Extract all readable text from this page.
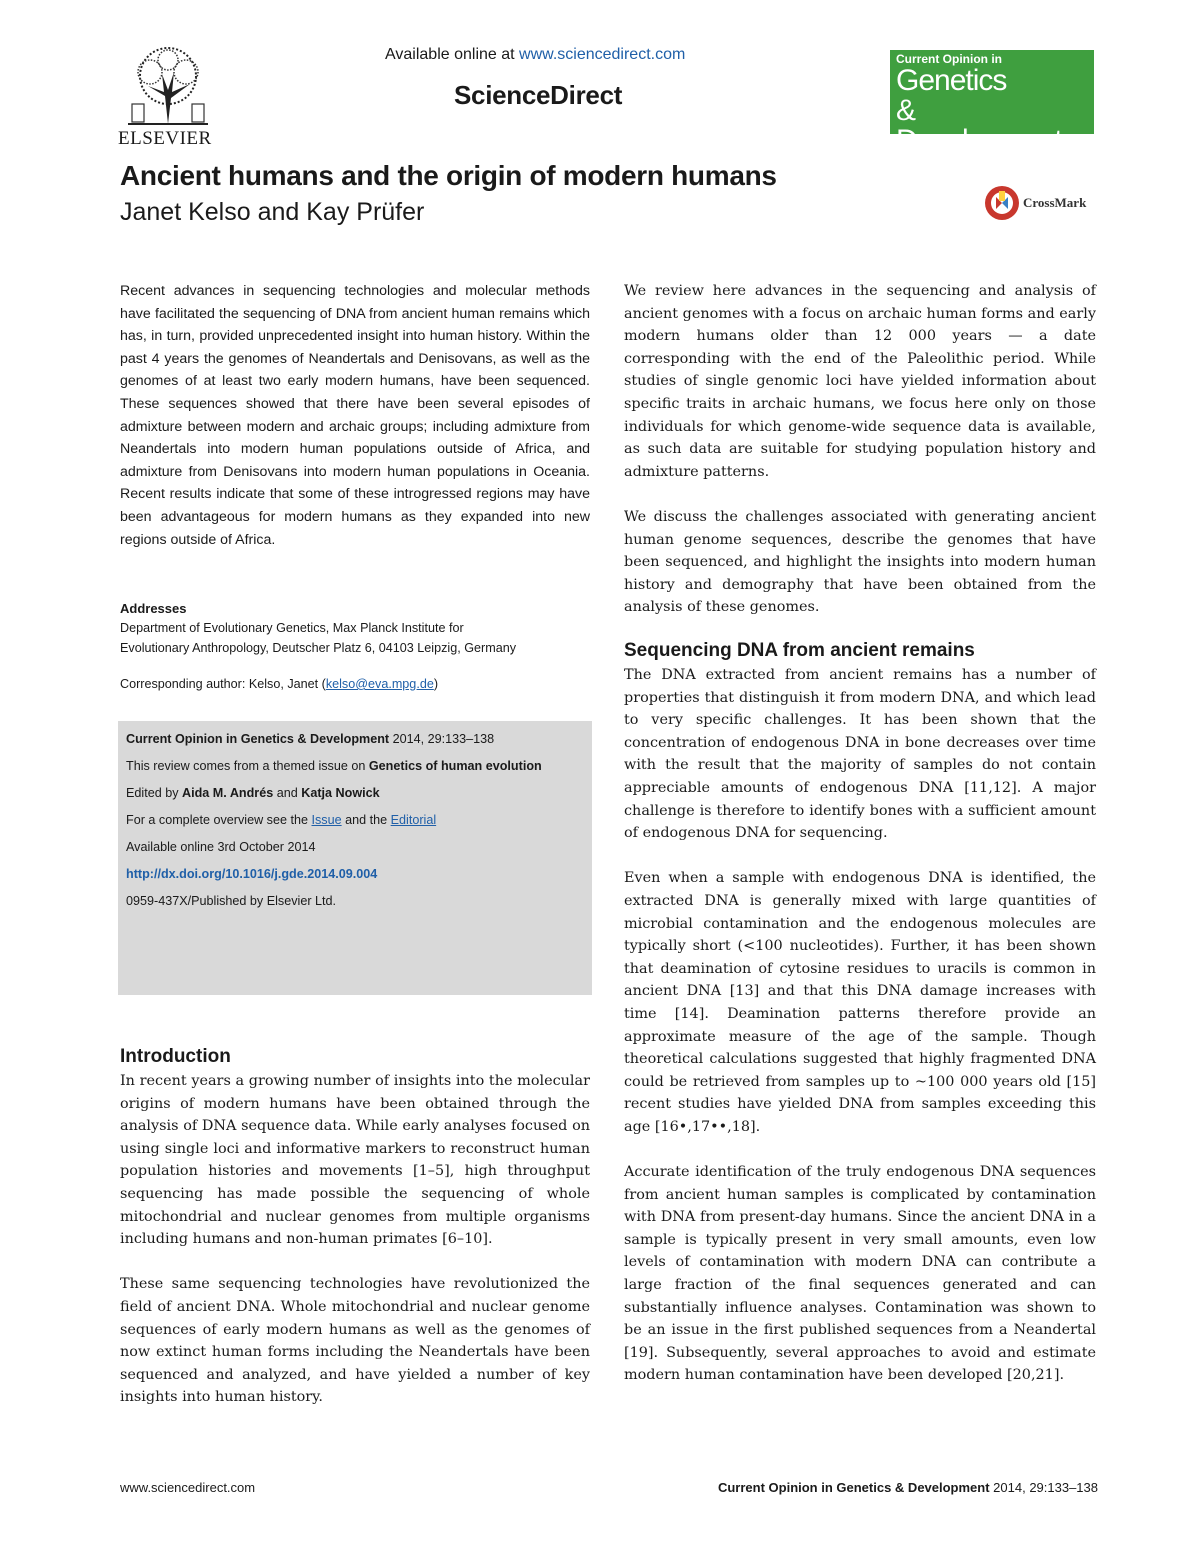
ELSEVIER
Available online at www.sciencedirect.com
ScienceDirect
Current Opinion in
Genetics
& Development
Ancient humans and the origin of modern humans
Janet Kelso and Kay Prüfer	CrossMark
Recent advances in sequencing technologies and molecular methods have facilitated the sequencing of DNA from ancient human remains which has, in turn, provided unprecedented insight into human history. Within the past 4 years the genomes of Neandertals and Denisovans, as well as the genomes of at least two early modern humans, have been sequenced. These sequences showed that there have been several episodes of admixture between modern and archaic groups; including admixture from Neandertals into modern human populations outside of Africa, and admixture from Denisovans into modern human populations in Oceania. Recent results indicate that some of these introgressed regions may have been advantageous for modern humans as they expanded into new regions outside of Africa.
Addresses
Department of Evolutionary Genetics, Max Planck Institute for
Evolutionary Anthropology, Deutscher Platz 6, 04103 Leipzig, Germany
Corresponding author: Kelso, Janet (kelso@eva.mpg.de)

Current Opinion in Genetics & Development 2014, 29:133–138

This review comes from a themed issue on Genetics of human evolution

Edited by Aida M. Andrés and Katja Nowick

For a complete overview see the Issue and the Editorial

Available online 3rd October 2014

http://dx.doi.org/10.1016/j.gde.2014.09.004

0959-437X/Published by Elsevier Ltd.

Introduction

In recent years a growing number of insights into the molecular origins of modern humans have been obtained through the analysis of DNA sequence data. While early analyses focused on using single loci and informative markers to reconstruct human population histories and movements [1–5], high throughput sequencing has made possible the sequencing of whole mitochondrial and nuclear genomes from multiple organisms including humans and non-human primates [6–10].

These same sequencing technologies have revolutionized the field of ancient DNA. Whole mitochondrial and nuclear genome sequences of early modern humans as well as the genomes of now extinct human forms including the Neandertals have been sequenced and analyzed, and have yielded a number of key insights into human history.

We review here advances in the sequencing and analysis of ancient genomes with a focus on archaic human forms and early modern humans older than 12 000 years — a date corresponding with the end of the Paleolithic period. While studies of single genomic loci have yielded information about specific traits in archaic humans, we focus here only on those individuals for which genome-wide sequence data is available, as such data are suitable for studying population history and admixture patterns.

We discuss the challenges associated with generating ancient human genome sequences, describe the genomes that have been sequenced, and highlight the insights into modern human history and demography that have been obtained from the analysis of these genomes.

Sequencing DNA from ancient remains

The DNA extracted from ancient remains has a number of properties that distinguish it from modern DNA, and which lead to very specific challenges. It has been shown that the concentration of endogenous DNA in bone decreases over time with the result that the majority of samples do not contain appreciable amounts of endogenous DNA [11,12]. A major challenge is therefore to identify bones with a sufficient amount of endogenous DNA for sequencing.

Even when a sample with endogenous DNA is identified, the extracted DNA is generally mixed with large quantities of microbial contamination and the endogenous molecules are typically short (<100 nucleotides). Further, it has been shown that deamination of cytosine residues to uracils is common in ancient DNA [13] and that this DNA damage increases with time [14]. Deamination patterns therefore provide an approximate measure of the age of the sample. Though theoretical calculations suggested that highly fragmented DNA could be retrieved from samples up to ~100 000 years old [15] recent studies have yielded DNA from samples exceeding this age [16•,17••,18].

Accurate identification of the truly endogenous DNA sequences from ancient human samples is complicated by contamination with DNA from present-day humans. Since the ancient DNA in a sample is typically present in very small amounts, even low levels of contamination with modern DNA can contribute a large fraction of the final sequences generated and can substantially influence analyses. Contamination was shown to be an issue in the first published sequences from a Neandertal [19]. Subsequently, several approaches to avoid and estimate modern human contamination have been developed [20,21].

www.sciencedirect.com	Current Opinion in Genetics & Development 2014, 29:133–138
